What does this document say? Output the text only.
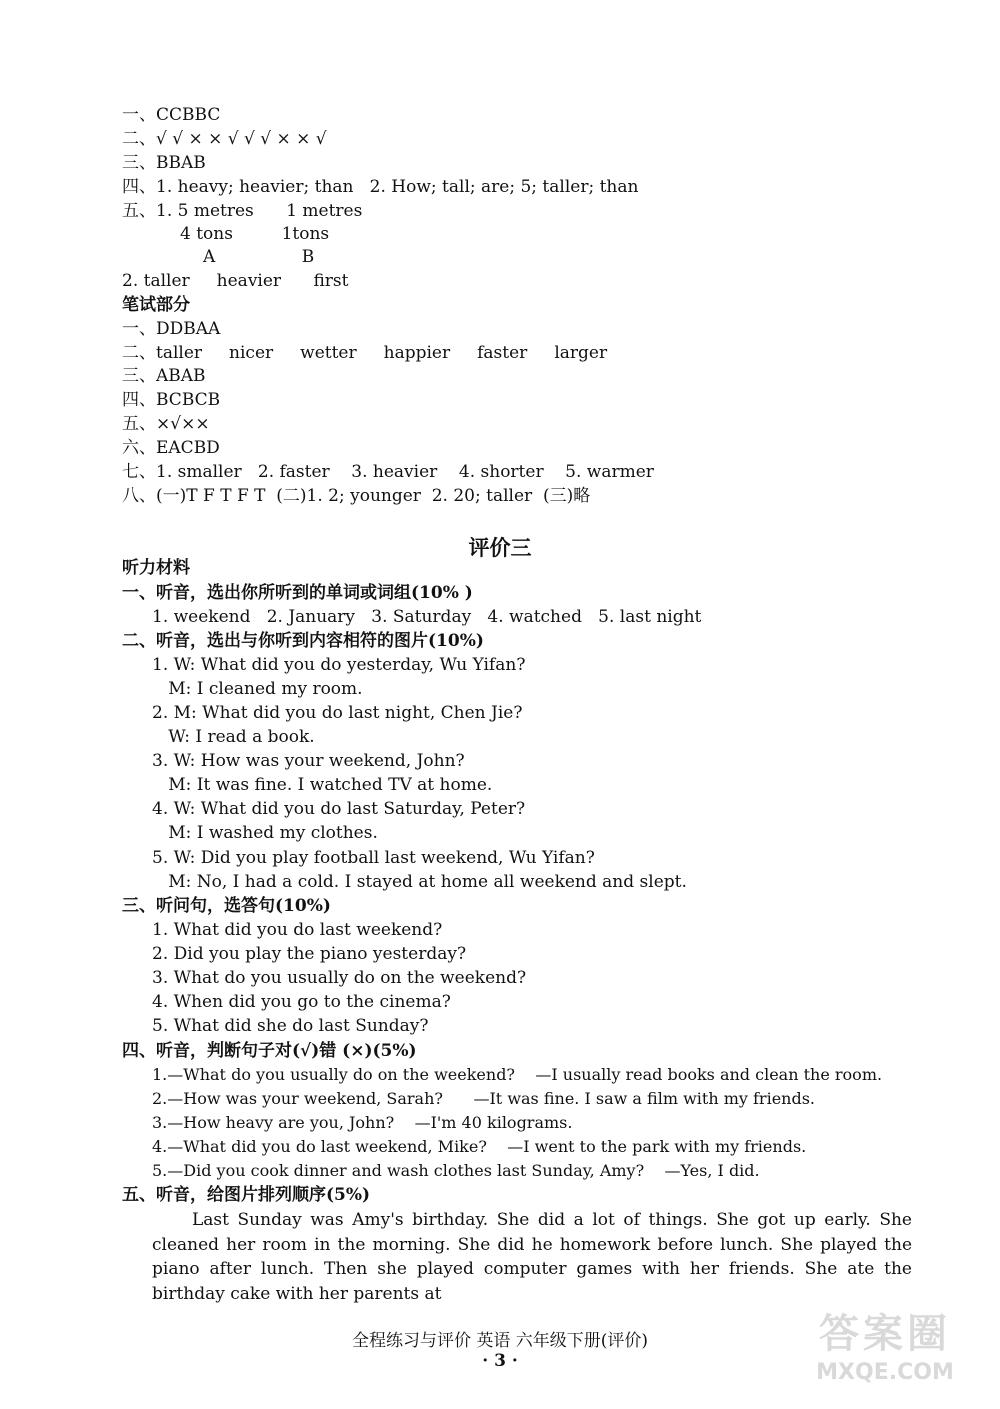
一、CCBBC
二、√ √ × × √ √ √ × × √
三、BBAB
四、1. heavy; heavier; than   2. How; tall; are; 5; taller; than
五、1. 5 metres      1 metres
4 tons         1tons
A                B
2. taller     heavier      first
笔试部分
一、DDBAA
二、taller     nicer     wetter     happier     faster     larger
三、ABAB
四、BCBCB
五、×√××
六、EACBD
七、1. smaller   2. faster    3. heavier    4. shorter    5. warmer
八、(一)T F T F T  (二)1. 2; younger  2. 20; taller  (三)略
评价三
听力材料
一、听音，选出你所听到的单词或词组(10% )
1. weekend   2. January   3. Saturday   4. watched   5. last night
二、听音，选出与你听到内容相符的图片(10%)
1. W: What did you do yesterday, Wu Yifan?
M: I cleaned my room.
2. M: What did you do last night, Chen Jie?
W: I read a book.
3. W: How was your weekend, John?
M: It was fine. I watched TV at home.
4. W: What did you do last Saturday, Peter?
M: I washed my clothes.
5. W: Did you play football last weekend, Wu Yifan?
M: No, I had a cold. I stayed at home all weekend and slept.
三、听问句，选答句(10%)
1. What did you do last weekend?
2. Did you play the piano yesterday?
3. What do you usually do on the weekend?
4. When did you go to the cinema?
5. What did she do last Sunday?
四、听音，判断句子对(√)错 (×)(5%)
1.—What do you usually do on the weekend?    —I usually read books and clean the room.
2.—How was your weekend, Sarah?      —It was fine. I saw a film with my friends.
3.—How heavy are you, John?    —I'm 40 kilograms.
4.—What did you do last weekend, Mike?    —I went to the park with my friends.
5.—Did you cook dinner and wash clothes last Sunday, Amy?    —Yes, I did.
五、听音，给图片排列顺序(5%)
Last Sunday was Amy's birthday. She did a lot of things. She got up early. She cleaned her room in the morning. She did he homework before lunch. She played the piano after lunch. Then she played computer games with her friends. She ate the birthday cake with her parents at
全程练习与评价 英语 六年级下册(评价)
· 3 ·
答案圈
MXQE.COM
